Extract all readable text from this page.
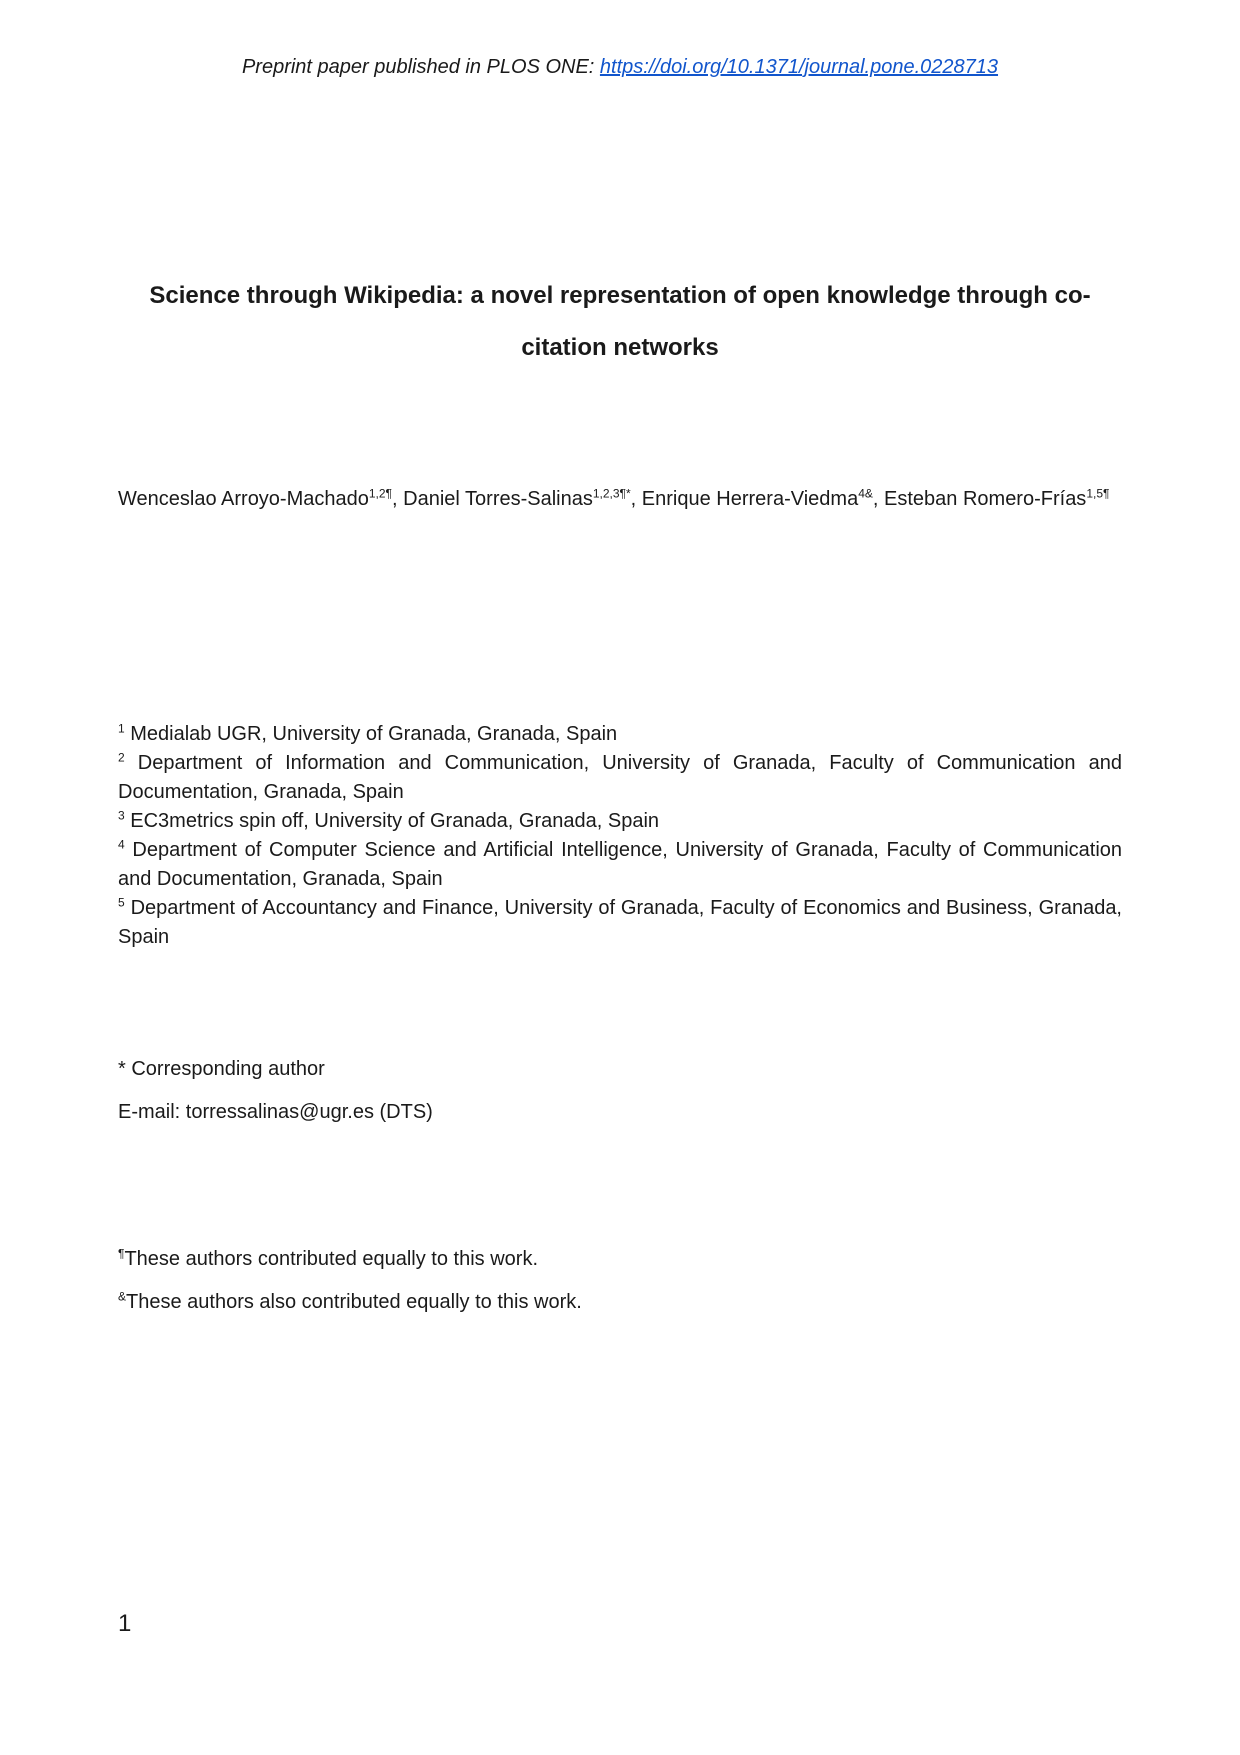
Preprint paper published in PLOS ONE: https://doi.org/10.1371/journal.pone.0228713
Science through Wikipedia: a novel representation of open knowledge through co-citation networks
Wenceslao Arroyo-Machado$^{1,2\P}$, Daniel Torres-Salinas$^{1,2,3\P*}$, Enrique Herrera-Viedma$^{4\&}$, Esteban Romero-Frías$^{1,5\P}$

$^1$ Medialab UGR, University of Granada, Granada, Spain

$^2$ Department of Information and Communication, University of Granada, Faculty of Communication and Documentation, Granada, Spain

$^3$ EC3metrics spin off, University of Granada, Granada, Spain

$^4$ Department of Computer Science and Artificial Intelligence, University of Granada, Faculty of Communication and Documentation, Granada, Spain

$^5$ Department of Accountancy and Finance, University of Granada, Faculty of Economics and Business, Granada, Spain

* Corresponding author
E-mail: torressalinas@ugr.es (DTS)

¶These authors contributed equally to this work.

&These authors also contributed equally to this work.

1
